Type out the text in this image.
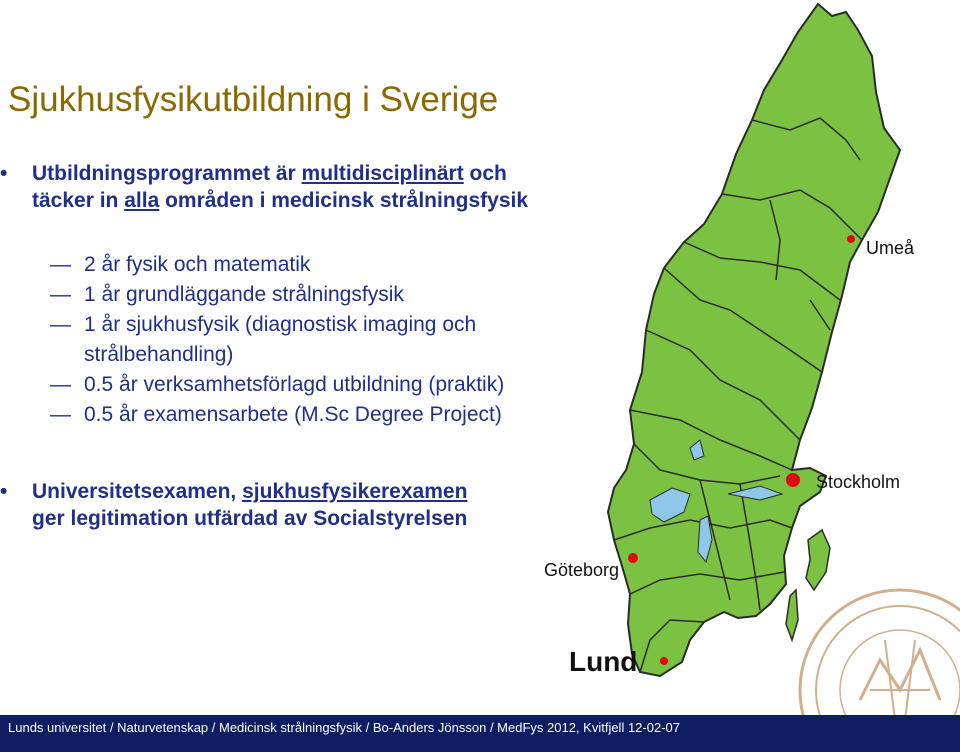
Sjukhusfysikutbildning i Sverige
•	Utbildningsprogrammet är multidisciplinärt och
täcker in alla områden i medicinsk strålningsfysik
— 2 år fysik och matematik
— 1 år grundläggande strålningsfysik
— 1 år sjukhusfysik (diagnostisk imaging och strålbehandling)
— 0.5 år verksamhetsförlagd utbildning (praktik)
— 0.5 år examensarbete (M.Sc Degree Project)
•	Universitetsexamen, sjukhusfysikerexamen
ger legitimation utfärdad av Socialstyrelsen
Umeå
Stockholm
Göteborg
Lund
Lunds universitet / Naturvetenskap / Medicinsk strålningsfysik / Bo-Anders Jönsson / MedFys 2012, Kvitfjell 12-02-07
